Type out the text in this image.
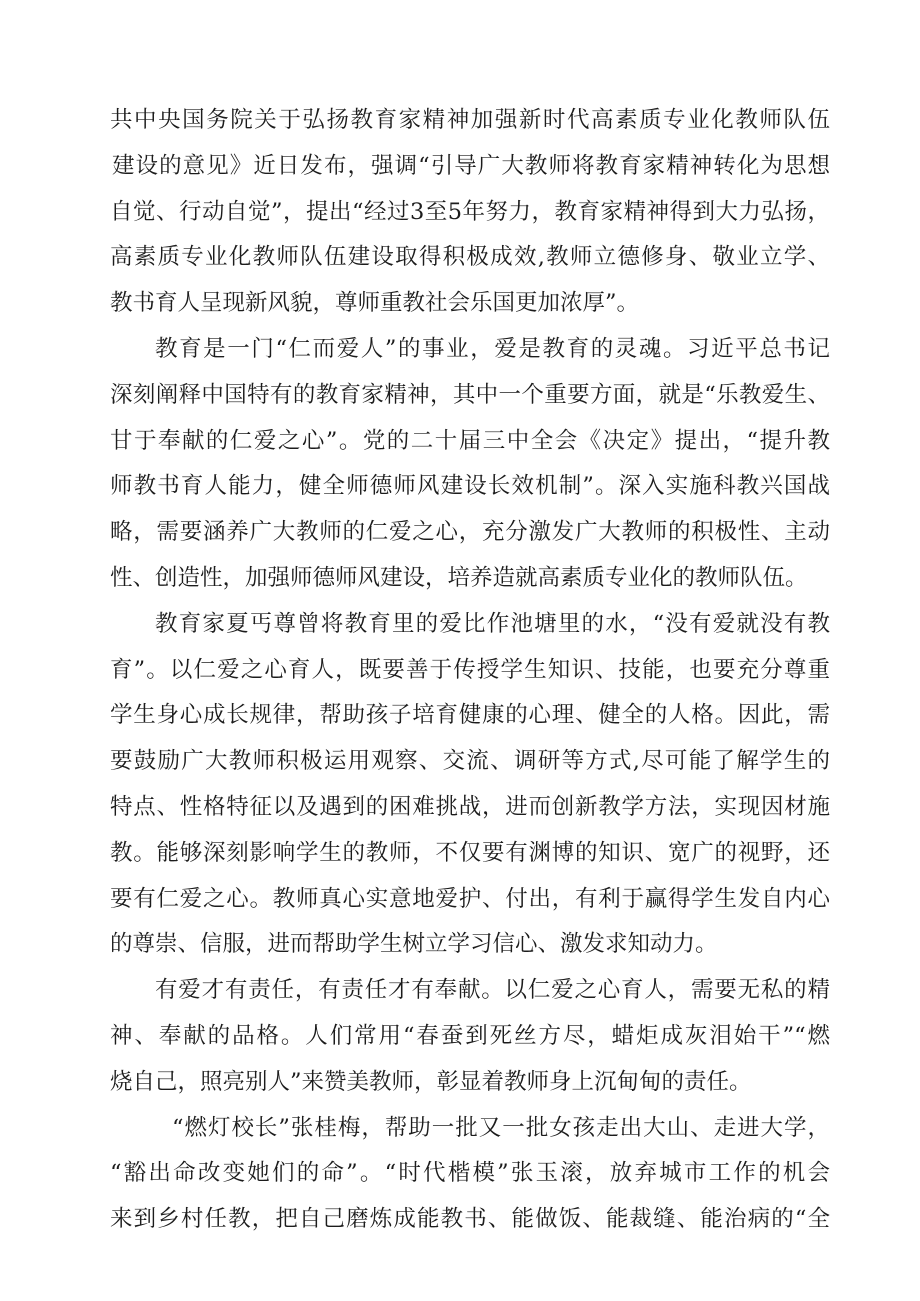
共中央国务院关于弘扬教育家精神加强新时代高素质专业化教师队伍
建设的意见》近日发布，强调“引导广大教师将教育家精神转化为思想
自觉、行动自觉”，提出“经过3至5年努力，教育家精神得到大力弘扬，
高素质专业化教师队伍建设取得积极成效,教师立德修身、敬业立学、
教书育人呈现新风貌，尊师重教社会乐国更加浓厚”。
教育是一门“仁而爱人”的事业，爱是教育的灵魂。习近平总书记
深刻阐释中国特有的教育家精神，其中一个重要方面，就是“乐教爱生、
甘于奉献的仁爱之心”。党的二十届三中全会《决定》提出，“提升教
师教书育人能力，健全师德师风建设长效机制”。深入实施科教兴国战
略，需要涵养广大教师的仁爱之心，充分激发广大教师的积极性、主动
性、创造性，加强师德师风建设，培养造就高素质专业化的教师队伍。
教育家夏丐尊曾将教育里的爱比作池塘里的水，“没有爱就没有教
育”。以仁爱之心育人，既要善于传授学生知识、技能，也要充分尊重
学生身心成长规律，帮助孩子培育健康的心理、健全的人格。因此，需
要鼓励广大教师积极运用观察、交流、调研等方式,尽可能了解学生的
特点、性格特征以及遇到的困难挑战，进而创新教学方法，实现因材施
教。能够深刻影响学生的教师，不仅要有渊博的知识、宽广的视野，还
要有仁爱之心。教师真心实意地爱护、付出，有利于赢得学生发自内心
的尊崇、信服，进而帮助学生树立学习信心、激发求知动力。
有爱才有责任，有责任才有奉献。以仁爱之心育人，需要无私的精
神、奉献的品格。人们常用“春蚕到死丝方尽，蜡炬成灰泪始干”“燃
烧自己，照亮别人”来赞美教师，彰显着教师身上沉甸甸的责任。
“燃灯校长”张桂梅，帮助一批又一批女孩走出大山、走进大学，
“豁出命改变她们的命”。“时代楷模”张玉滚，放弃城市工作的机会
来到乡村任教，把自己磨炼成能教书、能做饭、能裁缝、能治病的“全
